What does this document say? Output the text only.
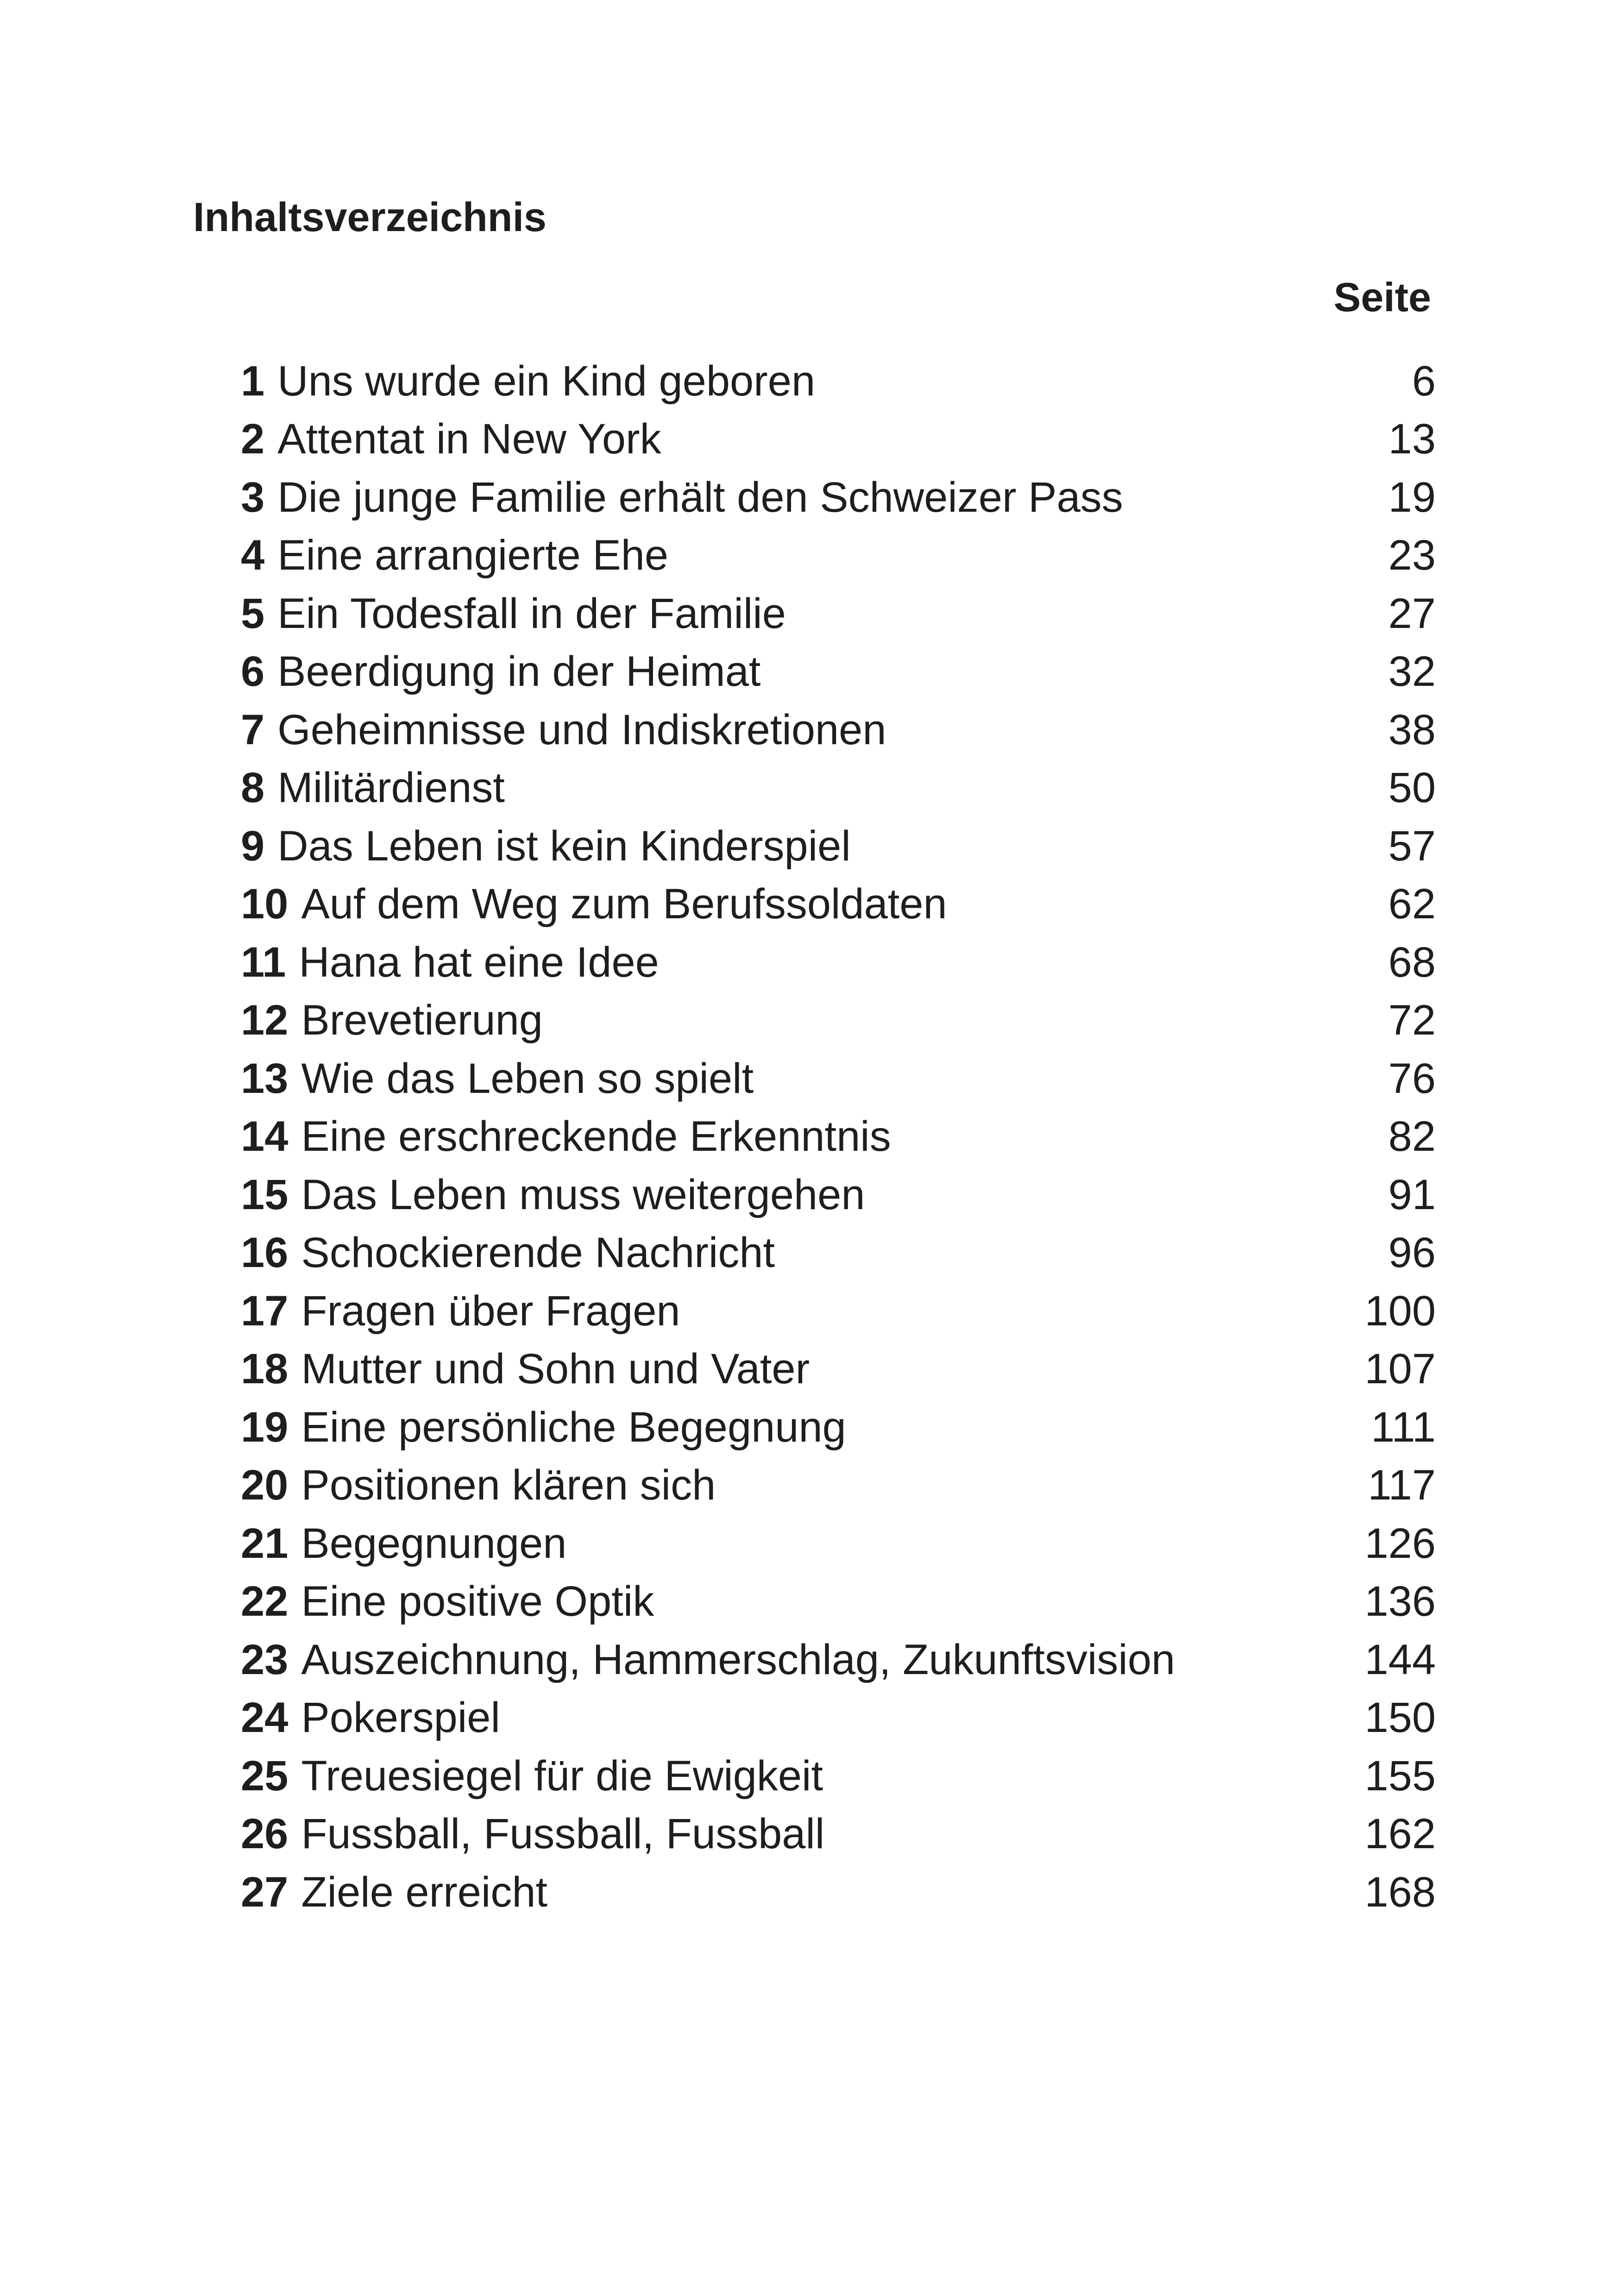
Inhaltsverzeichnis
Seite
1 Uns wurde ein Kind geboren	6
2 Attentat in New York	13
3 Die junge Familie erhält den Schweizer Pass	19
4 Eine arrangierte Ehe	23
5 Ein Todesfall in der Familie	27
6 Beerdigung in der Heimat	32
7 Geheimnisse und Indiskretionen	38
8 Militärdienst	50
9 Das Leben ist kein Kinderspiel	57
10 Auf dem Weg zum Berufssoldaten	62
11 Hana hat eine Idee	68
12 Brevetierung	72
13 Wie das Leben so spielt	76
14 Eine erschreckende Erkenntnis	82
15 Das Leben muss weitergehen	91
16 Schockierende Nachricht	96
17 Fragen über Fragen	100
18 Mutter und Sohn und Vater	107
19 Eine persönliche Begegnung	111
20 Positionen klären sich	117
21 Begegnungen	126
22 Eine positive Optik	136
23 Auszeichnung, Hammerschlag, Zukunftsvision	144
24 Pokerspiel	150
25 Treuesiegel für die Ewigkeit	155
26 Fussball, Fussball, Fussball	162
27 Ziele erreicht	168
